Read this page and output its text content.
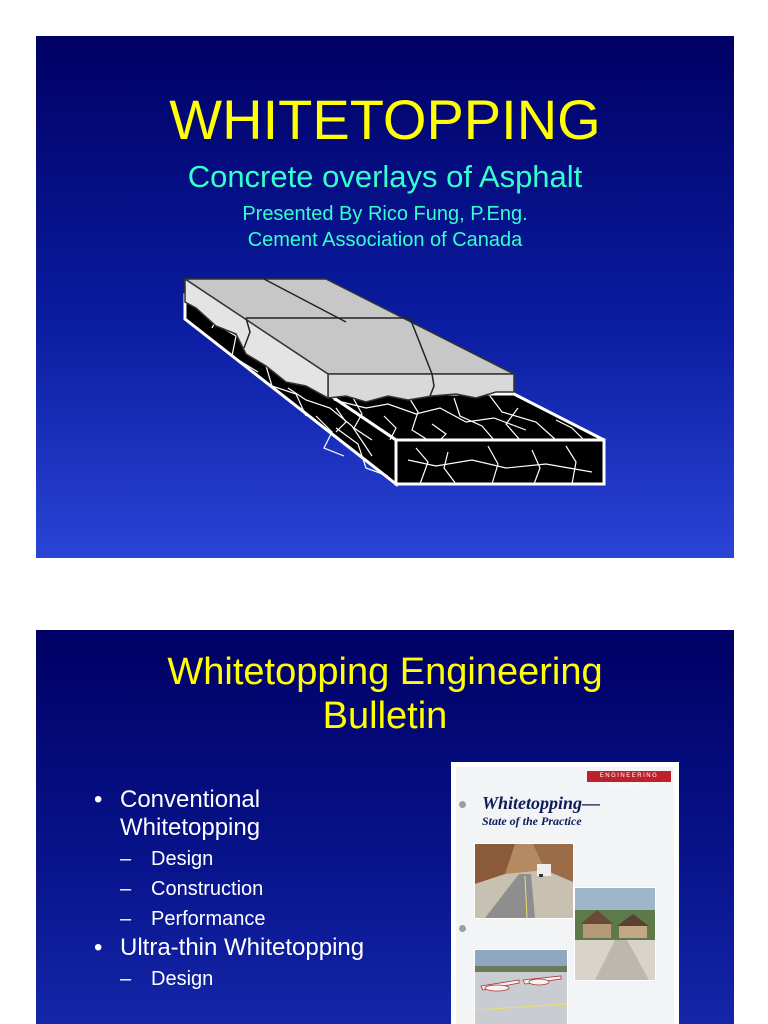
WHITETOPPING
Concrete overlays of Asphalt
Presented By Rico Fung, P.Eng.
Cement Association of Canada
Whitetopping Engineering
Bulletin
• Conventional Whitetopping
– Design
– Construction
– Performance
• Ultra-thin Whitetopping
– Design
ENGINEERING BULLETIN
Whitetopping—
State of the Practice
